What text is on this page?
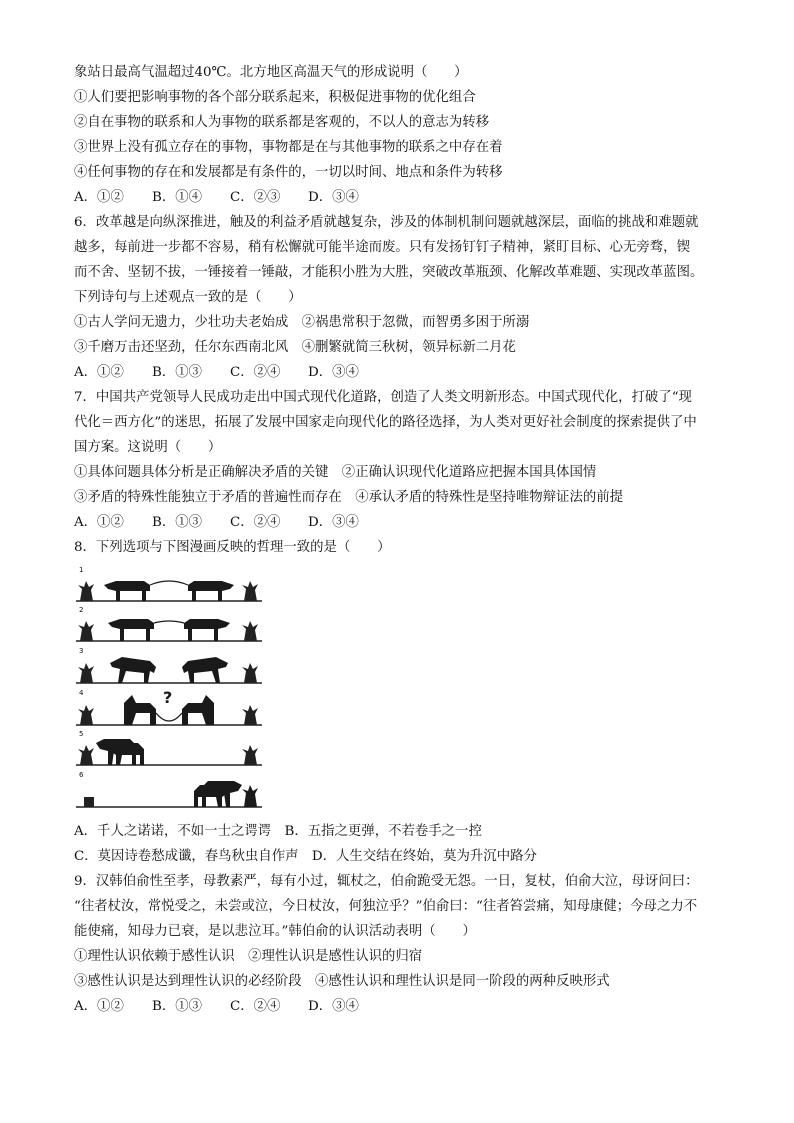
象站日最高气温超过40℃。北方地区高温天气的形成说明（　　）
①人们要把影响事物的各个部分联系起来，积极促进事物的优化组合
②自在事物的联系和人为事物的联系都是客观的，不以人的意志为转移
③世界上没有孤立存在的事物，事物都是在与其他事物的联系之中存在着
④任何事物的存在和发展都是有条件的，一切以时间、地点和条件为转移
A．①② B．①④ C．②③ D．③④
6．改革越是向纵深推进，触及的利益矛盾就越复杂，涉及的体制机制问题就越深层，面临的挑战和难题就
越多，每前进一步都不容易，稍有松懈就可能半途而废。只有发扬钉钉子精神，紧盯目标、心无旁骛，锲
而不舍、坚韧不拔，一锤接着一锤敲，才能积小胜为大胜，突破改革瓶颈、化解改革难题、实现改革蓝图。
下列诗句与上述观点一致的是（　　）
①古人学问无遗力，少壮功夫老始成　②祸患常积于忽微，而智勇多困于所溺
③千磨万击还坚劲，任尔东西南北风　④删繁就简三秋树，领异标新二月花
A．①② B．①③ C．②④ D．③④
7．中国共产党领导人民成功走出中国式现代化道路，创造了人类文明新形态。中国式现代化，打破了“现
代化＝西方化”的迷思，拓展了发展中国家走向现代化的路径选择，为人类对更好社会制度的探索提供了中
国方案。这说明（　　）
①具体问题具体分析是正确解决矛盾的关键　②正确认识现代化道路应把握本国具体国情
③矛盾的特殊性能独立于矛盾的普遍性而存在　④承认矛盾的特殊性是坚持唯物辩证法的前提
A．①② B．①③ C．②④ D．③④
8．下列选项与下图漫画反映的哲理一致的是（　　）
1
2
3
4
5
6
?
A．千人之诺诺，不如一士之谔谔　B．五指之更弹，不若卷手之一控
C．莫因诗卷愁成谶，春鸟秋虫自作声　D．人生交结在终始，莫为升沉中路分
9．汉韩伯俞性至孝，母教素严，每有小过，辄杖之，伯俞跪受无怨。一日，复杖，伯俞大泣，母讶问曰：
“往者杖汝，常悦受之，未尝或泣，今日杖汝，何独泣乎？”伯俞曰：“往者笞尝痛，知母康健；今母之力不
能使痛，知母力已衰，是以悲泣耳。”韩伯俞的认识活动表明（　　）
①理性认识依赖于感性认识　②理性认识是感性认识的归宿
③感性认识是达到理性认识的必经阶段　④感性认识和理性认识是同一阶段的两种反映形式
A．①② B．①③ C．②④ D．③④
